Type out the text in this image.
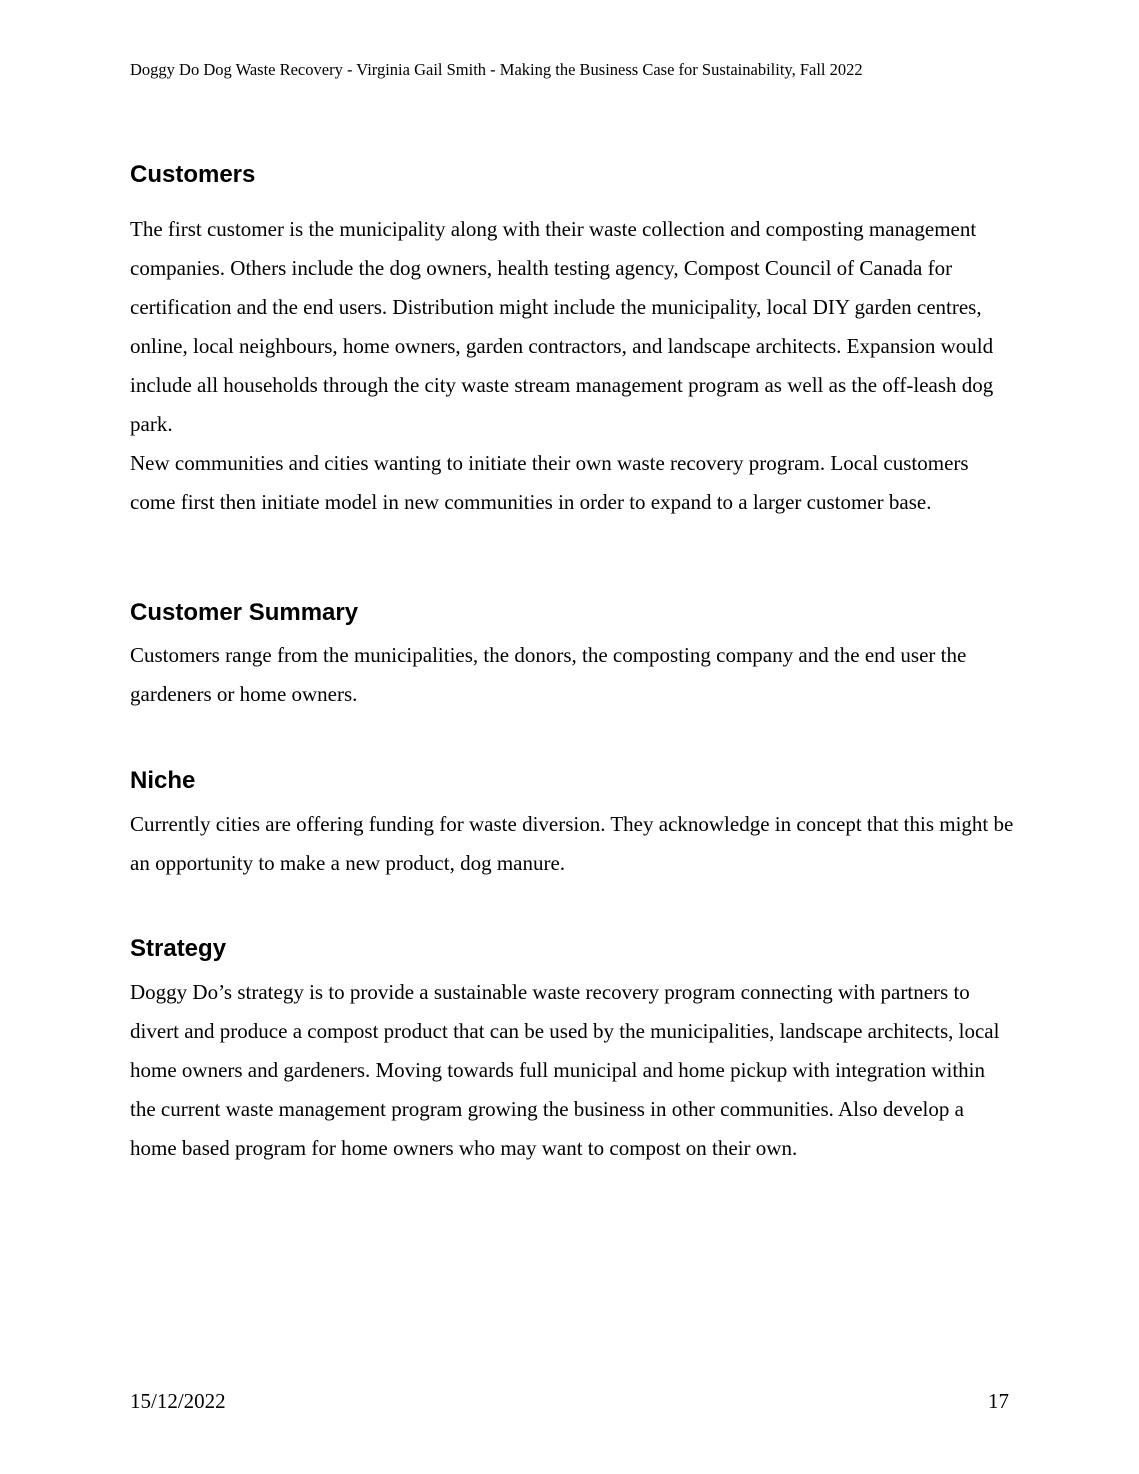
Doggy Do Dog Waste Recovery - Virginia Gail Smith - Making the Business Case for Sustainability, Fall 2022
Customers

The first customer is the municipality along with their waste collection and composting management companies. Others include the dog owners, health testing agency, Compost Council of Canada for certification and the end users. Distribution might include the municipality, local DIY garden centres, online, local neighbours, home owners, garden contractors, and landscape architects. Expansion would include all households through the city waste stream management program as well as the off-leash dog park.

New communities and cities wanting to initiate their own waste recovery program. Local customers come first then initiate model in new communities in order to expand to a larger customer base.

Customer Summary

Customers range from the municipalities, the donors, the composting company and the end user the gardeners or home owners.

Niche

Currently cities are offering funding for waste diversion. They acknowledge in concept that this might be an opportunity to make a new product, dog manure.

Strategy

Doggy Do’s strategy is to provide a sustainable waste recovery program connecting with partners to divert and produce a compost product that can be used by the municipalities, landscape architects, local home owners and gardeners. Moving towards full municipal and home pickup with integration within the current waste management program growing the business in other communities. Also develop a home based program for home owners who may want to compost on their own.

15/12/2022	17
